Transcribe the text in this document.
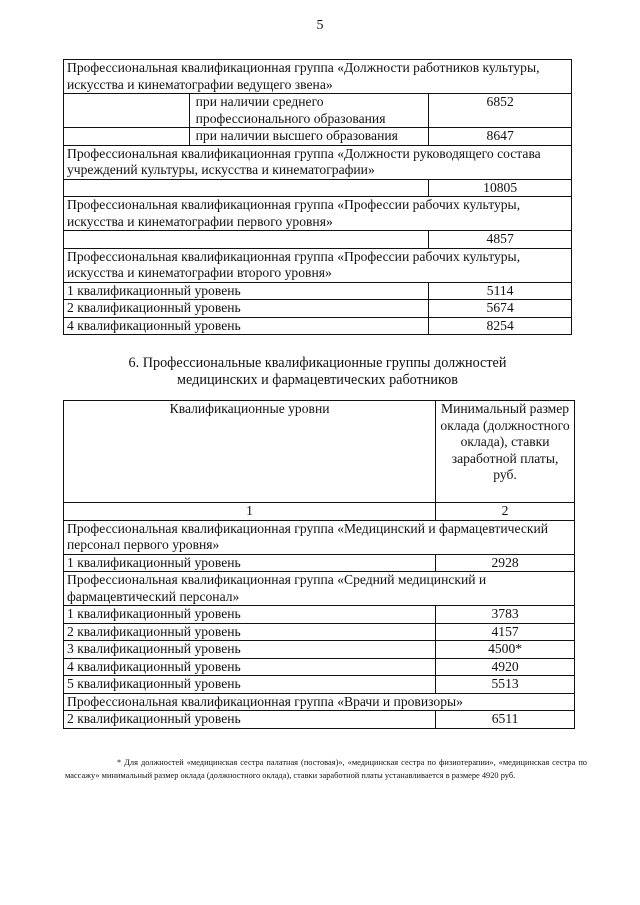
5
Профессиональная квалификационная группа «Должности работников культуры, искусства и кинематографии ведущего звена»		
	при наличии среднего профессионального образования	6852
	при наличии высшего образования	8647
Профессиональная квалификационная группа «Должности руководящего состава учреждений культуры, искусства и кинематографии»		
		10805
Профессиональная квалификационная группа «Профессии рабочих культуры, искусства и кинематографии первого уровня»		
		4857
Профессиональная квалификационная группа «Профессии рабочих культуры, искусства и кинематографии второго уровня»		
1 квалификационный уровень		5114
2 квалификационный уровень		5674
4 квалификационный уровень		8254
6. Профессиональные квалификационные группы должностей
медицинских и фармацевтических работников
Квалификационные уровни	Минимальный размер оклада (должностного оклада), ставки заработной платы, руб.
1	2
Профессиональная квалификационная группа «Медицинский и фармацевтический персонал первого уровня»	
1 квалификационный уровень	2928
Профессиональная квалификационная группа «Средний медицинский и фармацевтический персонал»	
1 квалификационный уровень	3783
2 квалификационный уровень	4157
3 квалификационный уровень	4500*
4 квалификационный уровень	4920
5 квалификационный уровень	5513
Профессиональная квалификационная группа «Врачи и провизоры»	
2 квалификационный уровень	6511
* Для должностей «медицинская сестра палатная (постовая)», «медицинская сестра по физиотерапии», «медицинская сестра по массажу» минимальный размер оклада (должностного оклада), ставки заработной платы устанавливается в размере 4920 руб.
